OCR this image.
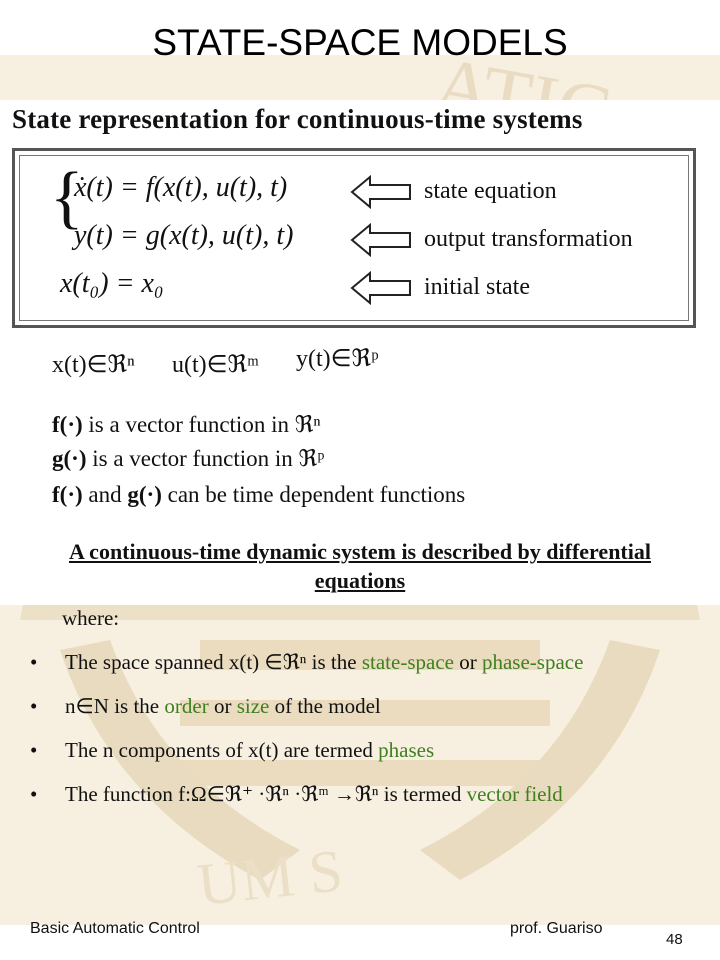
UM S
STATE-SPACE MODELS
State representation for continuous-time systems
{
ẋ(t) = f(x(t), u(t), t)
y(t) = g(x(t), u(t), t)
x(t₀) = x₀
state equation
output transformation
initial state
x(t)∈ℜⁿ u(t)∈ℜᵐ y(t)∈ℜᵖ
f(·) is a vector function in ℜⁿ
g(·) is a vector function in ℜᵖ
f(·) and g(·) can be time dependent functions
A continuous-time dynamic system is described by differential equations
where:
• The space spanned x(t) ∈ℜⁿ is the state-space or phase-space
• n∈N is the order or size of the model
• The n components of x(t) are termed phases
• The function f:Ω∈ℜ⁺ ·ℜⁿ ·ℜᵐ →ℜⁿ is termed vector field
Basic Automatic Control	prof. Guariso
48
